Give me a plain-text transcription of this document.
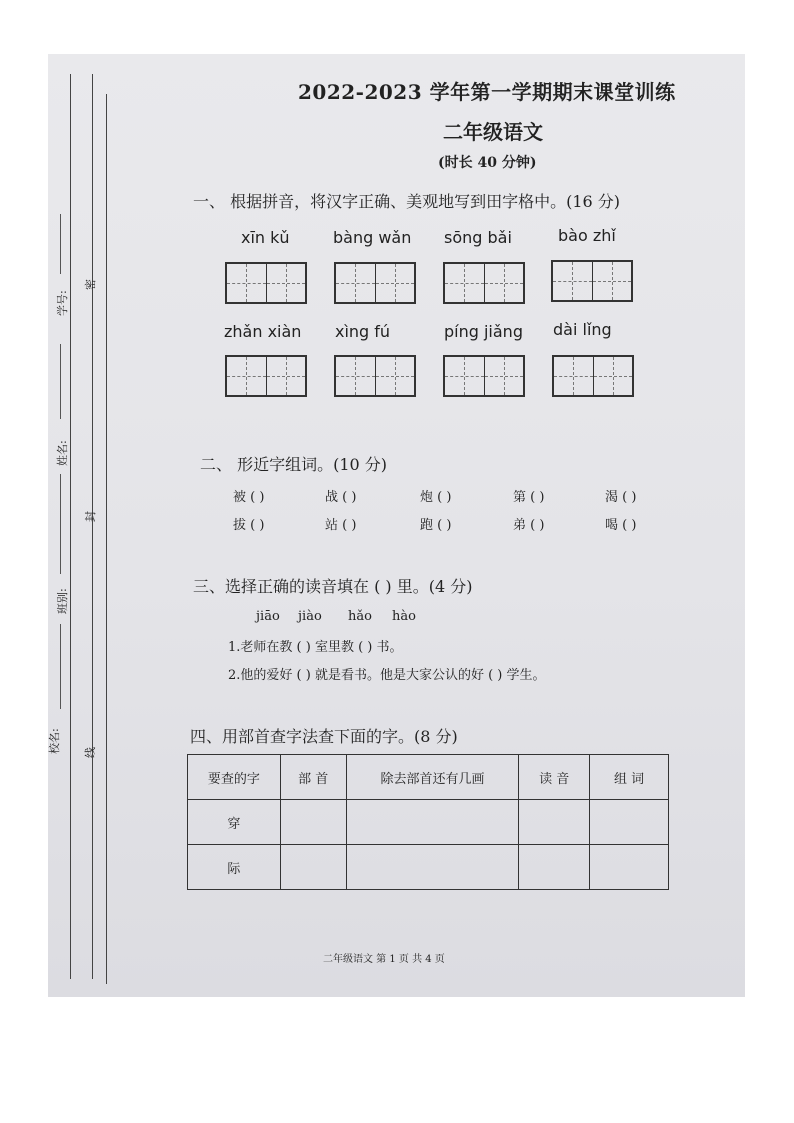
学号:
姓名:
班别:
校名:
密
封
线
2022-2023 学年第一学期期末课堂训练
二年级语文
(时长 40 分钟)
一、 根据拼音，将汉字正确、美观地写到田字格中。(16 分)
xīn kǔ	bàng wǎn sōng bǎi	bào zhǐ
zhǎn xiàn xìng fú	píng jiǎng dài lǐng
二、 形近字组词。(10 分)
被 ( )	战 ( )	炮 ( )	第 ( )	渴 ( )
拔 ( )	站 ( )	跑 ( )	弟 ( )	喝 ( )
三、选择正确的读音填在 ( ) 里。(4 分)
jiāo jiào hǎo hào
1.老师在教 ( ) 室里教 ( ) 书。
2.他的爱好 ( ) 就是看书。他是大家公认的好 ( ) 学生。
四、用部首查字法查下面的字。(8 分)
要查的字	部 首	除去部首还有几画	读 音	组 词
穿				
际				
二年级语文 第 1 页 共 4 页
